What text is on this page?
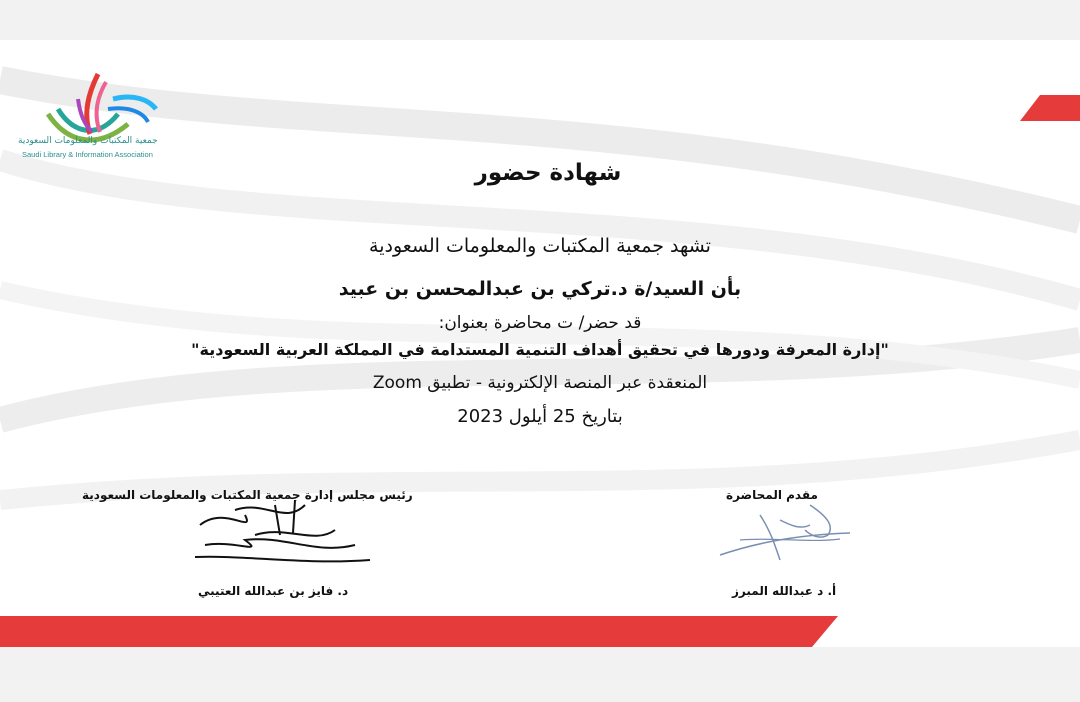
جمعية المكتبات والمعلومات السعودية
Saudi Library & Information Association
شهادة حضور
تشهد جمعية المكتبات والمعلومات السعودية
بأن السيد/ة د.تركي بن عبدالمحسن بن عبيد
قد حضر/ ت محاضرة بعنوان:
"إدارة المعرفة ودورها في تحقيق أهداف التنمية المستدامة في المملكة العربية السعودية"
المنعقدة عبر المنصة الإلكترونية - تطبيق Zoom
بتاريخ 25 أيلول 2023
رئيس مجلس إدارة جمعية المكتبات والمعلومات السعودية	مقدم المحاضرة
د. فايز بن عبدالله العتيبي	أ. د عبدالله المبرز
